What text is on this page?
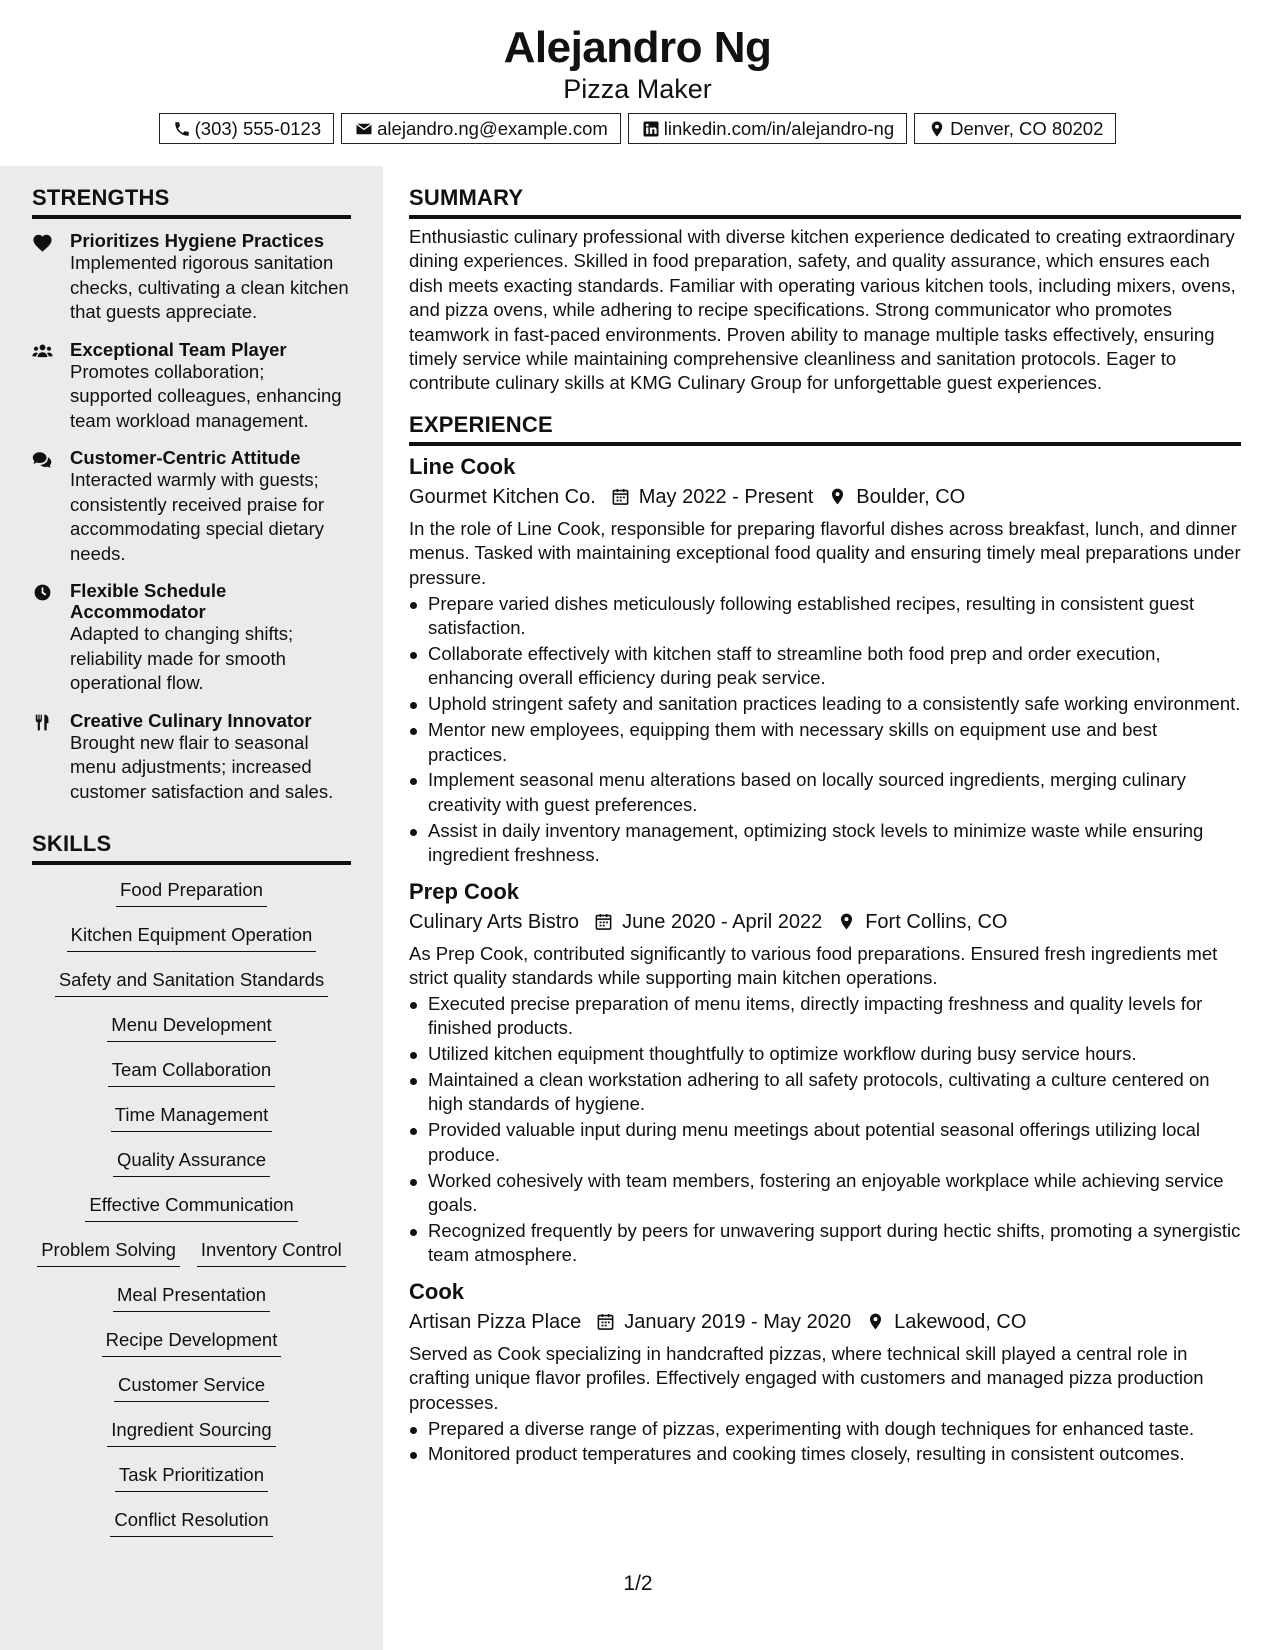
Alejandro Ng
Pizza Maker
(303) 555-0123	alejandro.ng@example.com	linkedin.com/in/alejandro-ng	Denver, CO 80202
STRENGTHS
Prioritizes Hygiene Practices
Implemented rigorous sanitation checks, cultivating a clean kitchen that guests appreciate.
Exceptional Team Player
Promotes collaboration; supported colleagues, enhancing team workload management.
Customer-Centric Attitude
Interacted warmly with guests; consistently received praise for accommodating special dietary needs.
Flexible Schedule Accommodator
Adapted to changing shifts; reliability made for smooth operational flow.
Creative Culinary Innovator
Brought new flair to seasonal menu adjustments; increased customer satisfaction and sales.
SKILLS
Food Preparation
Kitchen Equipment Operation
Safety and Sanitation Standards
Menu Development
Team Collaboration
Time Management
Quality Assurance
Effective Communication
Problem Solving Inventory Control
Meal Presentation
Recipe Development
Customer Service
Ingredient Sourcing
Task Prioritization
Conflict Resolution
SUMMARY
Enthusiastic culinary professional with diverse kitchen experience dedicated to creating extraordinary dining experiences. Skilled in food preparation, safety, and quality assurance, which ensures each dish meets exacting standards. Familiar with operating various kitchen tools, including mixers, ovens, and pizza ovens, while adhering to recipe specifications. Strong communicator who promotes teamwork in fast-paced environments. Proven ability to manage multiple tasks effectively, ensuring timely service while maintaining comprehensive cleanliness and sanitation protocols. Eager to contribute culinary skills at KMG Culinary Group for unforgettable guest experiences.
EXPERIENCE
Line Cook
Gourmet Kitchen Co. May 2022 - Present Boulder, CO
In the role of Line Cook, responsible for preparing flavorful dishes across breakfast, lunch, and dinner menus. Tasked with maintaining exceptional food quality and ensuring timely meal preparations under pressure.
Prepare varied dishes meticulously following established recipes, resulting in consistent guest satisfaction.
Collaborate effectively with kitchen staff to streamline both food prep and order execution, enhancing overall efficiency during peak service.
Uphold stringent safety and sanitation practices leading to a consistently safe working environment.
Mentor new employees, equipping them with necessary skills on equipment use and best practices.
Implement seasonal menu alterations based on locally sourced ingredients, merging culinary creativity with guest preferences.
Assist in daily inventory management, optimizing stock levels to minimize waste while ensuring ingredient freshness.
Prep Cook
Culinary Arts Bistro June 2020 - April 2022 Fort Collins, CO
As Prep Cook, contributed significantly to various food preparations. Ensured fresh ingredients met strict quality standards while supporting main kitchen operations.
Executed precise preparation of menu items, directly impacting freshness and quality levels for finished products.
Utilized kitchen equipment thoughtfully to optimize workflow during busy service hours.
Maintained a clean workstation adhering to all safety protocols, cultivating a culture centered on high standards of hygiene.
Provided valuable input during menu meetings about potential seasonal offerings utilizing local produce.
Worked cohesively with team members, fostering an enjoyable workplace while achieving service goals.
Recognized frequently by peers for unwavering support during hectic shifts, promoting a synergistic team atmosphere.
Cook
Artisan Pizza Place January 2019 - May 2020 Lakewood, CO
Served as Cook specializing in handcrafted pizzas, where technical skill played a central role in crafting unique flavor profiles. Effectively engaged with customers and managed pizza production processes.
Prepared a diverse range of pizzas, experimenting with dough techniques for enhanced taste.
Monitored product temperatures and cooking times closely, resulting in consistent outcomes.
1/2
